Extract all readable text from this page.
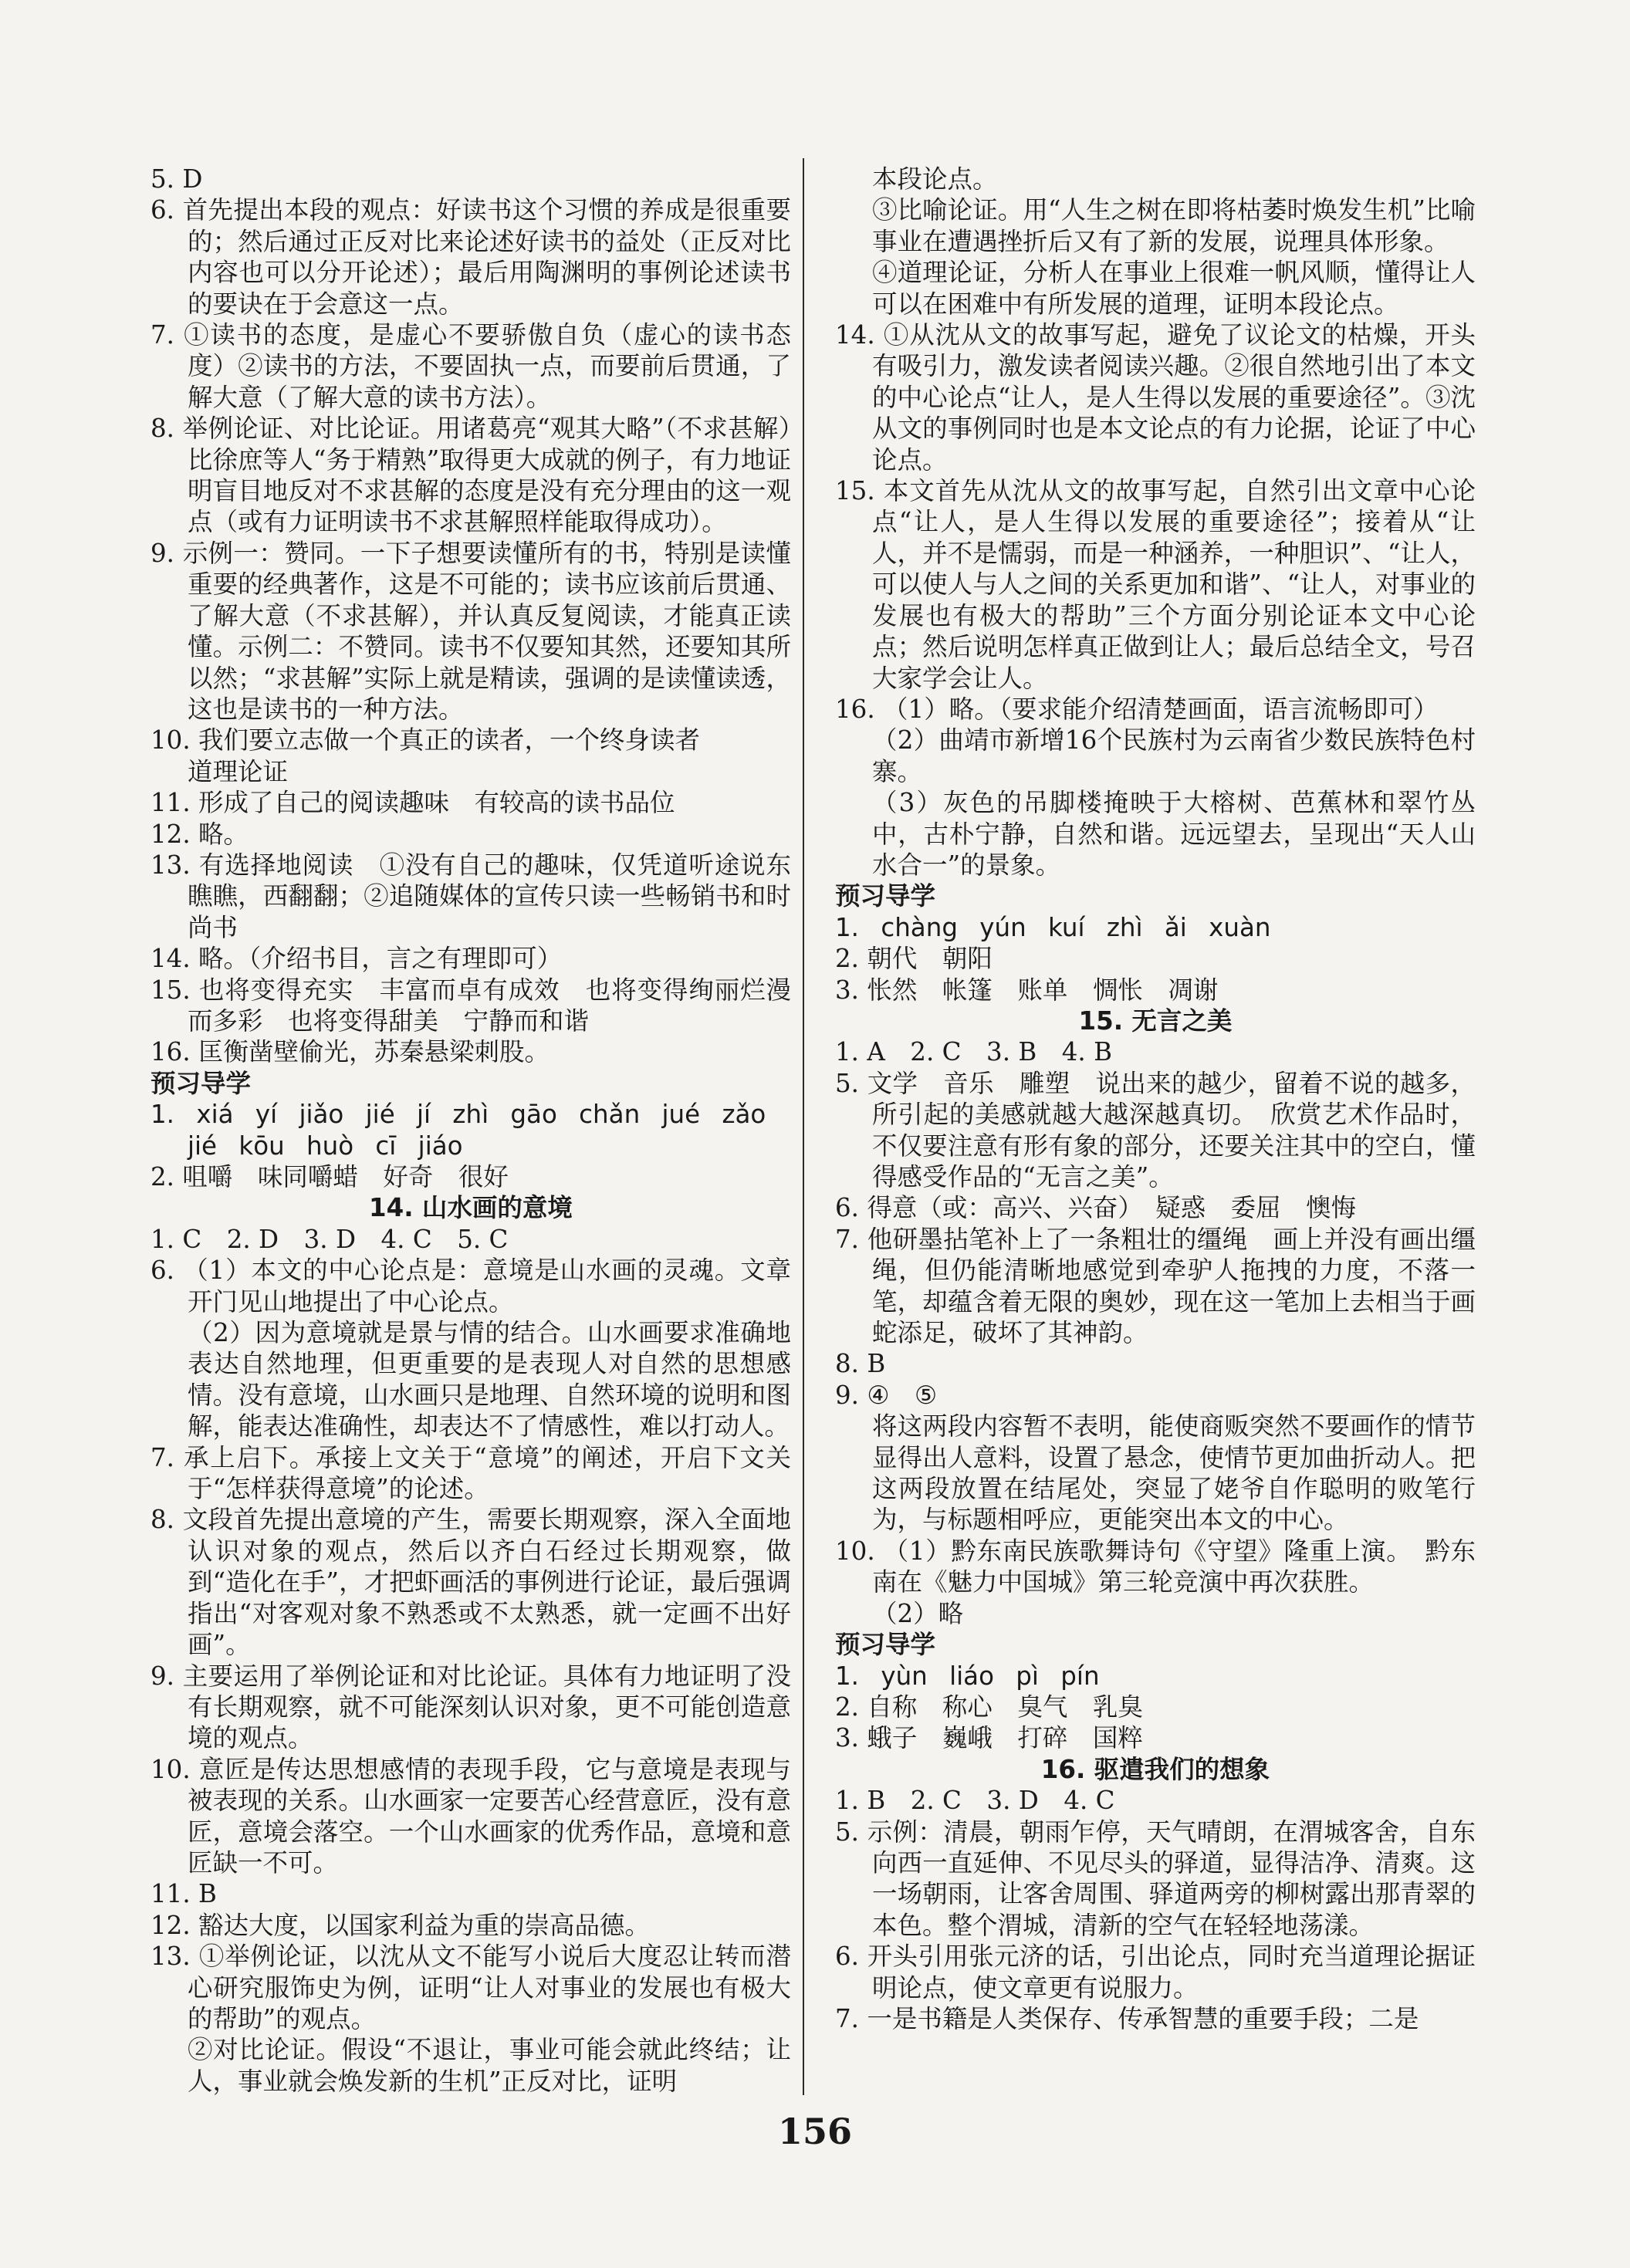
5. D
6. 首先提出本段的观点：好读书这个习惯的养成是很重要的；然后通过正反对比来论述好读书的益处（正反对比内容也可以分开论述）；最后用陶渊明的事例论述读书的要诀在于会意这一点。
7. ①读书的态度，是虚心不要骄傲自负（虚心的读书态度）②读书的方法，不要固执一点，而要前后贯通，了解大意（了解大意的读书方法）。
8. 举例论证、对比论证。用诸葛亮“观其大略”（不求甚解）比徐庶等人“务于精熟”取得更大成就的例子，有力地证明盲目地反对不求甚解的态度是没有充分理由的这一观点（或有力证明读书不求甚解照样能取得成功）。
9. 示例一：赞同。一下子想要读懂所有的书，特别是读懂重要的经典著作，这是不可能的；读书应该前后贯通、了解大意（不求甚解），并认真反复阅读，才能真正读懂。示例二：不赞同。读书不仅要知其然，还要知其所以然；“求甚解”实际上就是精读，强调的是读懂读透，这也是读书的一种方法。
10. 我们要立志做一个真正的读者，一个终身读者
道理论证
11. 形成了自己的阅读趣味　有较高的读书品位
12. 略。
13. 有选择地阅读　①没有自己的趣味，仅凭道听途说东瞧瞧，西翻翻；②追随媒体的宣传只读一些畅销书和时尚书
14. 略。（介绍书目，言之有理即可）
15. 也将变得充实　丰富而卓有成效　也将变得绚丽烂漫而多彩　也将变得甜美　宁静而和谐
16. 匡衡凿壁偷光，苏秦悬梁刺股。
预习导学
1. xiá yí jiǎo jié jí zhì gāo chǎn jué zǎo
jié kōu huò cī jiáo
2. 咀嚼　味同嚼蜡　好奇　很好
14. 山水画的意境
1. C　2. D　3. D　4. C　5. C
6. （1）本文的中心论点是：意境是山水画的灵魂。文章开门见山地提出了中心论点。
（2）因为意境就是景与情的结合。山水画要求准确地表达自然地理，但更重要的是表现人对自然的思想感情。没有意境，山水画只是地理、自然环境的说明和图解，能表达准确性，却表达不了情感性，难以打动人。
7. 承上启下。承接上文关于“意境”的阐述，开启下文关于“怎样获得意境”的论述。
8. 文段首先提出意境的产生，需要长期观察，深入全面地认识对象的观点，然后以齐白石经过长期观察，做到“造化在手”，才把虾画活的事例进行论证，最后强调指出“对客观对象不熟悉或不太熟悉，就一定画不出好画”。
9. 主要运用了举例论证和对比论证。具体有力地证明了没有长期观察，就不可能深刻认识对象，更不可能创造意境的观点。
10. 意匠是传达思想感情的表现手段，它与意境是表现与被表现的关系。山水画家一定要苦心经营意匠，没有意匠，意境会落空。一个山水画家的优秀作品，意境和意匠缺一不可。
11. B
12. 豁达大度，以国家利益为重的崇高品德。
13. ①举例论证，以沈从文不能写小说后大度忍让转而潜心研究服饰史为例，证明“让人对事业的发展也有极大的帮助”的观点。
②对比论证。假设“不退让，事业可能会就此终结；让人，事业就会焕发新的生机”正反对比，证明
本段论点。
③比喻论证。用“人生之树在即将枯萎时焕发生机”比喻事业在遭遇挫折后又有了新的发展，说理具体形象。
④道理论证，分析人在事业上很难一帆风顺，懂得让人可以在困难中有所发展的道理，证明本段论点。
14. ①从沈从文的故事写起，避免了议论文的枯燥，开头有吸引力，激发读者阅读兴趣。②很自然地引出了本文的中心论点“让人，是人生得以发展的重要途径”。③沈从文的事例同时也是本文论点的有力论据，论证了中心论点。
15. 本文首先从沈从文的故事写起，自然引出文章中心论点“让人，是人生得以发展的重要途径”；接着从“让人，并不是懦弱，而是一种涵养，一种胆识”、“让人，可以使人与人之间的关系更加和谐”、“让人，对事业的发展也有极大的帮助”三个方面分别论证本文中心论点；然后说明怎样真正做到让人；最后总结全文，号召大家学会让人。
16. （1）略。（要求能介绍清楚画面，语言流畅即可）
（2）曲靖市新增16个民族村为云南省少数民族特色村寨。
（3）灰色的吊脚楼掩映于大榕树、芭蕉林和翠竹丛中，古朴宁静，自然和谐。远远望去，呈现出“天人山水合一”的景象。
预习导学
1. chàng yún kuí zhì ǎi xuàn
2. 朝代　朝阳
3. 怅然　帐篷　账单　惆怅　凋谢
15. 无言之美
1. A　2. C　3. B　4. B
5. 文学　音乐　雕塑　说出来的越少，留着不说的越多，所引起的美感就越大越深越真切。　欣赏艺术作品时，不仅要注意有形有象的部分，还要关注其中的空白，懂得感受作品的“无言之美”。
6. 得意（或：高兴、兴奋）　疑惑　委屈　懊悔
7. 他研墨拈笔补上了一条粗壮的缰绳　画上并没有画出缰绳，但仍能清晰地感觉到牵驴人拖拽的力度，不落一笔，却蕴含着无限的奥妙，现在这一笔加上去相当于画蛇添足，破坏了其神韵。
8. B
9. ④　⑤
将这两段内容暂不表明，能使商贩突然不要画作的情节显得出人意料，设置了悬念，使情节更加曲折动人。把这两段放置在结尾处，突显了姥爷自作聪明的败笔行为，与标题相呼应，更能突出本文的中心。
10. （1）黔东南民族歌舞诗句《守望》隆重上演。　黔东南在《魅力中国城》第三轮竞演中再次获胜。
（2）略
预习导学
1. yùn liáo pì pín
2. 自称　称心　臭气　乳臭
3. 蛾子　巍峨　打碎　国粹
16. 驱遣我们的想象
1. B　2. C　3. D　4. C
5. 示例：清晨，朝雨乍停，天气晴朗，在渭城客舍，自东向西一直延伸、不见尽头的驿道，显得洁净、清爽。这一场朝雨，让客舍周围、驿道两旁的柳树露出那青翠的本色。整个渭城，清新的空气在轻轻地荡漾。
6. 开头引用张元济的话，引出论点，同时充当道理论据证明论点，使文章更有说服力。
7. 一是书籍是人类保存、传承智慧的重要手段；二是
156
